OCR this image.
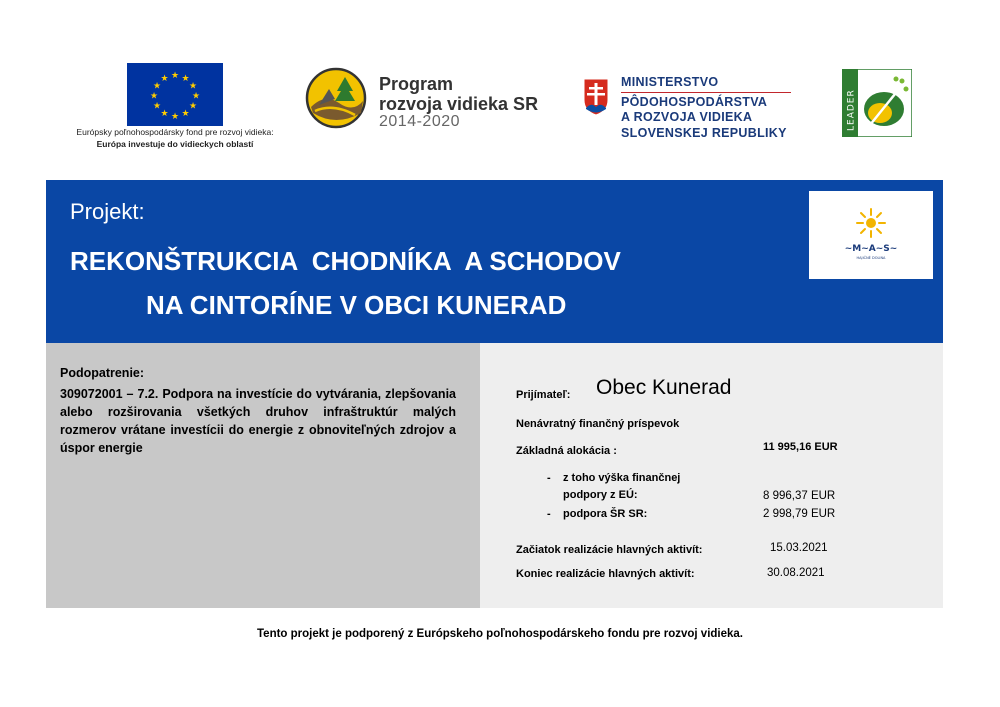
★ ★
★
★
★
★
★
★
★
★
★
★
Európsky poľnohospodársky fond pre rozvoj vidieka:
Európa investuje do vidieckych oblastí
Program
rozvoja vidieka SR
2014-2020
MINISTERSTVO
PÔDOHOSPODÁRSTVA
A ROZVOJA VIDIEKA
SLOVENSKEJ REPUBLIKY
LEADER
Projekt:
REKONŠTRUKCIA  CHODNÍKA  A SCHODOV
NA CINTORÍNE V OBCI KUNERAD
~M~A~S~
HAJIČNÉ DOLINA
Podopatrenie:
309072001 – 7.2. Podpora na investície do vytvárania, zlepšovania alebo rozširovania všetkých druhov infraštruktúr malých rozmerov vrátane investícii do energie z obnoviteľných zdrojov a úspor energie
Prijímateľ: Obec Kunerad
Nenávratný finančný príspevok
Základná alokácia :	11 995,16 EUR
- z toho výška finančnej
podpory z EÚ:	8 996,37 EUR
- podpora ŠR SR:	2 998,79 EUR
Začiatok realizácie hlavných aktivít:	15.03.2021
Koniec realizácie hlavných aktivít:	30.08.2021
Tento projekt je podporený z Európskeho poľnohospodárskeho fondu pre rozvoj vidieka.
